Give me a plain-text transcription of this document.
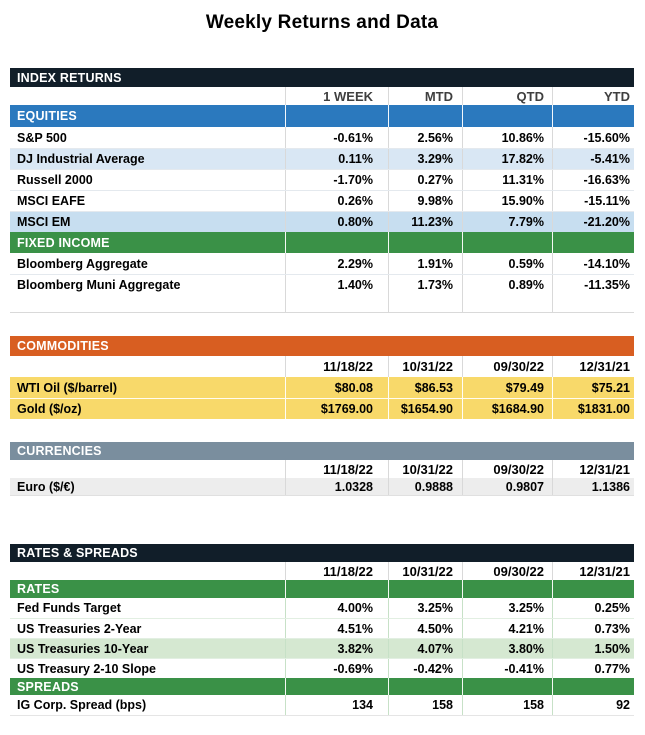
Weekly Returns and Data
INDEX RETURNS
1 WEEK	MTD	QTD	YTD
EQUITIES
S&P 500	-0.61%	2.56%	10.86%	-15.60%
DJ Industrial Average	0.11%	3.29%	17.82%	-5.41%
Russell 2000	-1.70%	0.27%	11.31%	-16.63%
MSCI EAFE	0.26%	9.98%	15.90%	-15.11%
MSCI EM	0.80%	11.23%	7.79%	-21.20%
FIXED INCOME
Bloomberg Aggregate	2.29%	1.91%	0.59%	-14.10%
Bloomberg Muni Aggregate	1.40%	1.73%	0.89%	-11.35%
COMMODITIES
11/18/22	10/31/22	09/30/22	12/31/21
WTI Oil ($/barrel)	$80.08	$86.53	$79.49	$75.21
Gold ($/oz)	$1769.00	$1654.90	$1684.90	$1831.00
CURRENCIES
11/18/22	10/31/22	09/30/22	12/31/21
Euro ($/€)	1.0328	0.9888	0.9807	1.1386
RATES & SPREADS
11/18/22	10/31/22	09/30/22	12/31/21
RATES
Fed Funds Target	4.00%	3.25%	3.25%	0.25%
US Treasuries 2-Year	4.51%	4.50%	4.21%	0.73%
US Treasuries 10-Year	3.82%	4.07%	3.80%	1.50%
US Treasury 2-10 Slope	-0.69%	-0.42%	-0.41%	0.77%
SPREADS
IG Corp. Spread (bps)	134	158	158	92
